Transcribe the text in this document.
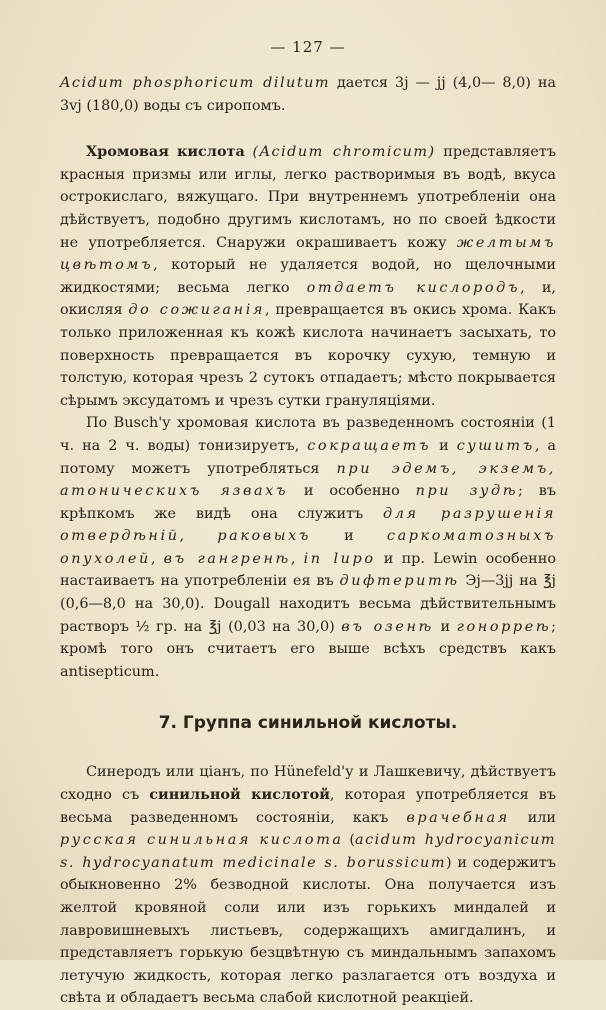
— 127 —

Acidum phosphoricum dilutum дается 3j — jj (4,0— 8,0) на 3vj (180,0) воды съ сиропомъ.

Хромовая кислота (Acidum chromicum) представляетъ красныя призмы или иглы, легко растворимыя въ водѣ, вкуса острокислаго, вяжущаго. При внутреннемъ употребленіи она дѣйствуетъ, подобно другимъ кислотамъ, но по своей ѣдкости не употребляется. Снаружи окрашиваетъ кожу желтымъ цвѣтомъ, который не удаляется водой, но щелочными жидкостями; весьма легко отдаетъ кислородъ, и, окисляя до сожиганія, превращается въ окись хрома. Какъ только приложенная къ кожѣ кислота начинаетъ засыхать, то поверхность превращается въ корочку сухую, темную и толстую, которая чрезъ 2 сутокъ отпадаетъ; мѣсто покрывается сѣрымъ эксудатомъ и чрезъ сутки грануляціями.

По Busch'у хромовая кислота въ разведенномъ состояніи (1 ч. на 2 ч. воды) тонизируетъ, сокращаетъ и сушитъ, а потому можетъ употребляться при эдемъ, экземъ, атоническихъ язвахъ и особенно при зудѣ; въ крѣпкомъ же видѣ она служитъ для разрушенія отвердѣній, раковыхъ и саркоматозныхъ опухолей, въ гангренѣ, in lupo и пр. Lewin особенно настаиваетъ на употребленіи ея въ дифтеритѣ Эj—3jj на ℥j (0,6—8,0 на 30,0). Dougall находитъ весьма дѣйствительнымъ растворъ ½ гр. на ℥j (0,03 на 30,0) въ озенѣ и гонорреѣ; кромѣ того онъ считаетъ его выше всѣхъ средствъ какъ antisepticum.

7. Группа синильной кислоты.

Синеродъ или ціанъ, по Hünefeld'у и Лашкевичу, дѣйствуетъ сходно съ синильной кислотой, которая употребляется въ весьма разведенномъ состояніи, какъ врачебная или русская синильная кислота (acidum hydrocyanicum s. hydrocyanatum medicinale s. borussicum) и содержитъ обыкновенно 2% безводной кислоты. Она получается изъ желтой кровяной соли или изъ горькихъ миндалей и лавровишневыхъ листьевъ, содержащихъ амигдалинъ, и представляетъ горькую безцвѣтную съ миндальнымъ запахомъ летучую жидкость, которая легко разлагается отъ воздуха и свѣта и обладаетъ весьма слабой кислотной реакціей.
